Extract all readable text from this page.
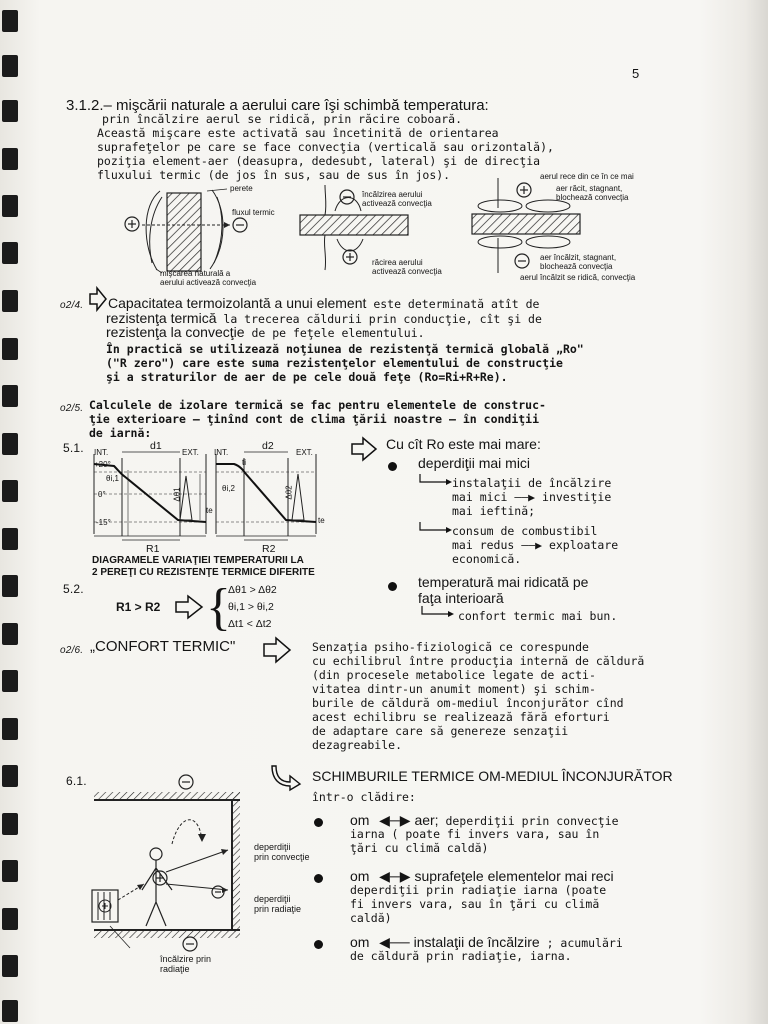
5
3.1.2.– mişcării naturale a aerului care îşi schimbă temperatura:
prin încălzire aerul se ridică, prin răcire coboară.
Această mişcare este activată sau încetinită de orientarea
suprafeţelor pe care se face convecţia (verticală sau orizontală),
poziţia element-aer (deasupra, dedesubt, lateral) şi de direcţia
fluxului termic (de jos în sus, sau de sus în jos).
perete
fluxul termic
mişcarea naturală a
aerului activează convecţia
încălzirea aerului
activează convecţia
răcirea aerului
activează convecţia
aerul rece din ce în ce mai
aer răcit, stagnant,
blochează convecţia
aer încălzit, stagnant,
blochează convecţia
aerul încălzit se ridică, convecţia
o2/4. Capacitatea termoizolantă a unui element este determinată atît de
rezistenţa termică la trecerea căldurii prin conducţie, cît şi de
rezistenţa la convecţie de pe feţele elementului.
În practică se utilizează noţiunea de rezistenţă termică globală „Ro"
("R zero") care este suma rezistenţelor elementului de construcţie
şi a straturilor de aer de pe cele două feţe (Ro=Ri+R+Re).
o2/5. Calculele de izolare termică se fac pentru elementele de construc-
ţie exterioare — ţinînd cont de clima ţării noastre — în condiţii
de iarnă:
5.1. INT.
d1
EXT. INT.
d2
EXT.
+20°
0°
-15°
θi,1
Δθ1
te
ti
θi,2	Δθ2
te
R1	R2
DIAGRAMELE VARIAŢIEI TEMPERATURII LA
2 PEREŢI CU REZISTENŢE TERMICE DIFERITE
Cu cît Ro este mai mare:
deperdiţii mai mici
instalaţii de încălzire
mai mici ——▶ investiţie
mai ieftină;
consum de combustibil
mai redus ——▶ exploatare
economică.
temperatură mai ridicată pe
faţa interioară
confort termic mai bun.
5.2.
R1 > R2 {
Δθ1 > Δθ2
θi,1 > θi,2
Δt1 < Δt2
o2/6. „CONFORT TERMIC"	Senzaţia psiho-fiziologică ce corespunde
cu echilibrul între producţia internă de căldură
(din procesele metabolice legate de acti-
vitatea dintr-un anumit moment) şi schim-
burile de căldură om-mediul înconjurător cînd
acest echilibru se realizează fără eforturi
de adaptare care să genereze senzaţii
dezagreabile.
6.1.
deperdiţii
prin convecţie
deperdiţii
prin radiaţie
încălzire prin
radiaţie
SCHIMBURILE TERMICE OM-MEDIUL ÎNCONJURĂTOR
într-o clădire:
om ◀─▶ aer; deperdiţii prin convecţie
iarna ( poate fi invers vara, sau în
ţări cu climă caldă)
om ◀─▶ suprafeţele elementelor mai reci
deperdiţii prin radiaţie iarna (poate
fi invers vara, sau în ţări cu climă
caldă)
om ◀── instalaţii de încălzire ; acumulări
de căldură prin radiaţie, iarna.
